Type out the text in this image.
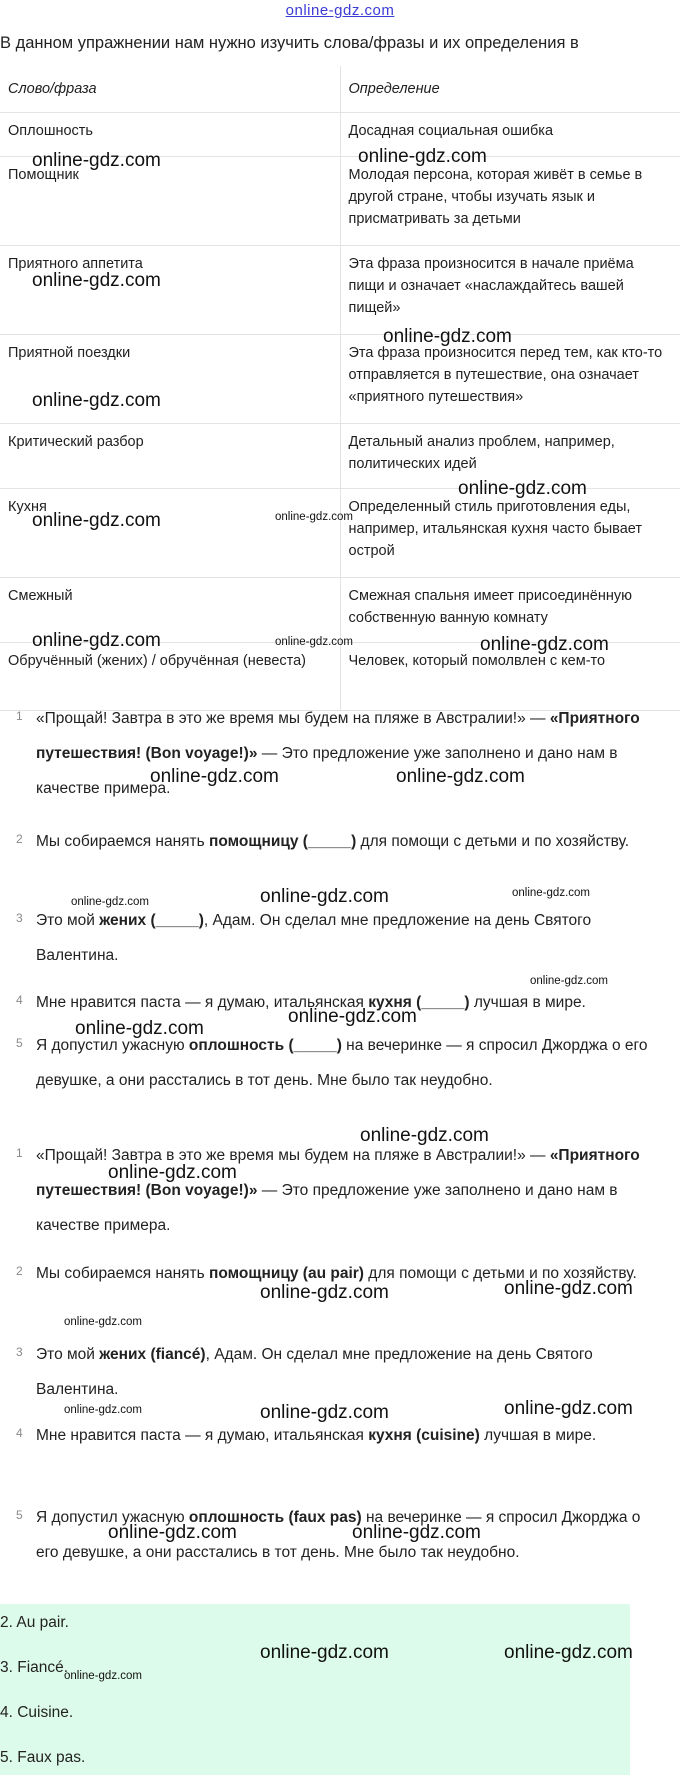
online-gdz.com
В данном упражнении нам нужно изучить слова/фразы и их определения в
Слово/фраза	Определение
Оплошность	Досадная социальная ошибка
Помощник	Молодая персона, которая живёт в семье в другой стране, чтобы изучать язык и присматривать за детьми
Приятного аппетита	Эта фраза произносится в начале приёма пищи и означает «наслаждайтесь вашей пищей»
Приятной поездки	Эта фраза произносится перед тем, как кто-то отправляется в путешествие, она означает «приятного путешествия»
Критический разбор	Детальный анализ проблем, например, политических идей
Кухня	Определенный стиль приготовления еды, например, итальянская кухня часто бывает острой
Смежный	Смежная спальня имеет присоединённую собственную ванную комнату
Обручённый (жених) / обручённая (невеста)	Человек, который помолвлен с кем-то
1 «Прощай! Завтра в это же время мы будем на пляже в Австралии!» — «Приятного путешествия! (Bon voyage!)» — Это предложение уже заполнено и дано нам в качестве примера.
2 Мы собираемся нанять помощницу (_____) для помощи с детьми и по хозяйству.
3 Это мой жених (_____), Адам. Он сделал мне предложение на день Святого Валентина.
4 Мне нравится паста — я думаю, итальянская кухня (_____) лучшая в мире.
5 Я допустил ужасную оплошность (_____) на вечеринке — я спросил Джорджа о его девушке, а они расстались в тот день. Мне было так неудобно.
1 «Прощай! Завтра в это же время мы будем на пляже в Австралии!» — «Приятного путешествия! (Bon voyage!)» — Это предложение уже заполнено и дано нам в качестве примера.
2 Мы собираемся нанять помощницу (au pair) для помощи с детьми и по хозяйству.
3 Это мой жених (fiancé), Адам. Он сделал мне предложение на день Святого Валентина.
4 Мне нравится паста — я думаю, итальянская кухня (cuisine) лучшая в мире.
5 Я допустил ужасную оплошность (faux pas) на вечеринке — я спросил Джорджа о его девушке, а они расстались в тот день. Мне было так неудобно.
2. Au pair.
3. Fiancé.
4. Cuisine.
5. Faux pas.
online-gdz.com	online-gdz.com
online-gdz.com
online-gdz.com
online-gdz.com
online-gdz.com
online-gdz.com	online-gdz.com
online-gdz.com	online-gdz.com	online-gdz.com
online-gdz.com	online-gdz.com
online-gdz.com
online-gdz.com
online-gdz.com
online-gdz.com
online-gdz.com
online-gdz.com
online-gdz.com
online-gdz.com
online-gdz.com	online-gdz.com
online-gdz.com
online-gdz.com	online-gdz.com	online-gdz.com
online-gdz.com	online-gdz.com
online-gdz.com	online-gdz.com
online-gdz.com
